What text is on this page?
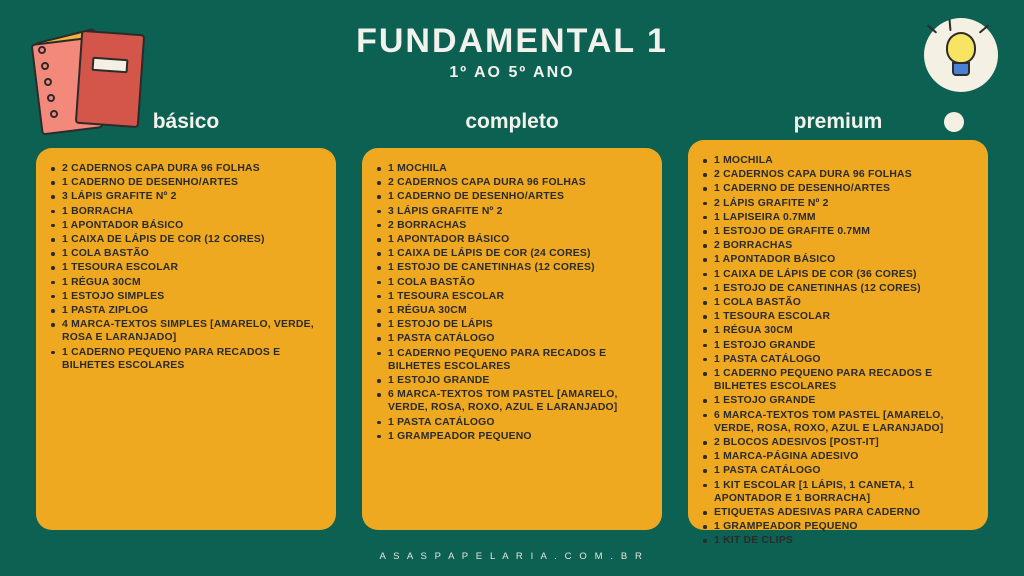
FUNDAMENTAL 1
1º AO 5º ANO
básico
2 CADERNOS CAPA DURA 96 FOLHAS
1 CADERNO DE DESENHO/ARTES
3 LÁPIS GRAFITE Nº 2
1 BORRACHA
1 APONTADOR BÁSICO
1 CAIXA DE LÁPIS DE COR (12 CORES)
1 COLA BASTÃO
1 TESOURA ESCOLAR
1 RÉGUA 30CM
1 ESTOJO SIMPLES
1 PASTA ZIPLOG
4 MARCA-TEXTOS SIMPLES [AMARELO, VERDE, ROSA E LARANJADO]
1 CADERNO PEQUENO PARA RECADOS E BILHETES ESCOLARES
completo
1 MOCHILA
2 CADERNOS CAPA DURA 96 FOLHAS
1 CADERNO DE DESENHO/ARTES
3 LÁPIS GRAFITE Nº 2
2 BORRACHAS
1 APONTADOR BÁSICO
1 CAIXA DE LÁPIS DE COR (24 CORES)
1 ESTOJO DE CANETINHAS (12 CORES)
1 COLA BASTÃO
1 TESOURA ESCOLAR
1 RÉGUA 30CM
1 ESTOJO DE LÁPIS
1 PASTA CATÁLOGO
1 CADERNO PEQUENO PARA RECADOS E BILHETES ESCOLARES
1 ESTOJO GRANDE
6 MARCA-TEXTOS TOM PASTEL [AMARELO, VERDE, ROSA, ROXO, AZUL E LARANJADO]
1 PASTA CATÁLOGO
1 GRAMPEADOR PEQUENO
premium
1 MOCHILA
2 CADERNOS CAPA DURA 96 FOLHAS
1 CADERNO DE DESENHO/ARTES
2 LÁPIS GRAFITE Nº 2
1 LAPISEIRA 0.7MM
1 ESTOJO DE GRAFITE 0.7MM
2 BORRACHAS
1 APONTADOR BÁSICO
1 CAIXA DE LÁPIS DE COR (36 CORES)
1 ESTOJO DE CANETINHAS (12 CORES)
1 COLA BASTÃO
1 TESOURA ESCOLAR
1 RÉGUA 30CM
1 ESTOJO GRANDE
1 PASTA CATÁLOGO
1 CADERNO PEQUENO PARA RECADOS E BILHETES ESCOLARES
1 ESTOJO GRANDE
6 MARCA-TEXTOS TOM PASTEL [AMARELO, VERDE, ROSA, ROXO, AZUL E LARANJADO]
2 BLOCOS ADESIVOS [POST-IT]
1 MARCA-PÁGINA ADESIVO
1 PASTA CATÁLOGO
1 KIT ESCOLAR [1 LÁPIS, 1 CANETA, 1 APONTADOR E 1 BORRACHA]
ETIQUETAS ADESIVAS PARA CADERNO
1 GRAMPEADOR PEQUENO
1 KIT DE CLIPS
A S A S P A P E L A R I A . C O M . B R
